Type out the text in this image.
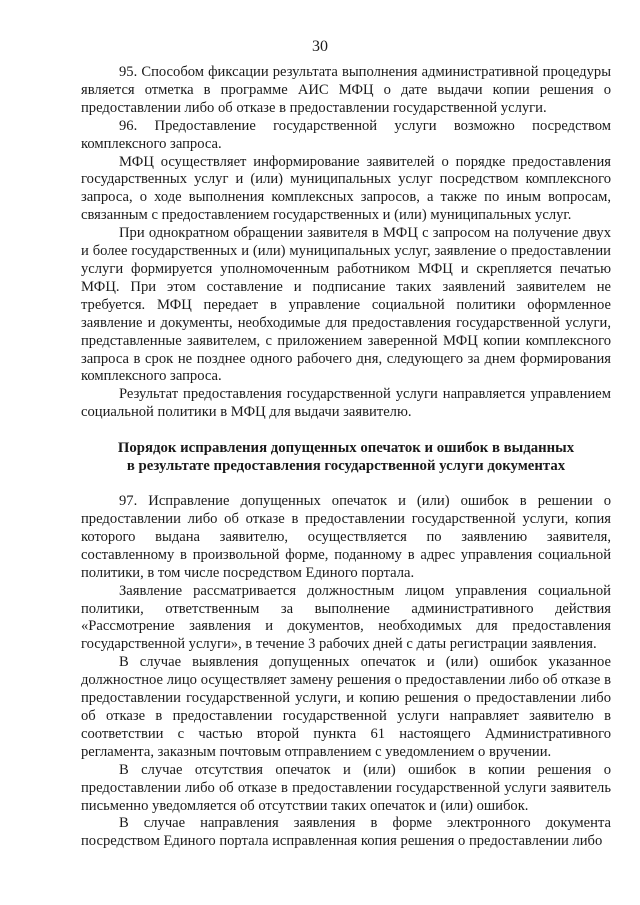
30

95. Способом фиксации результата выполнения административной процедуры является отметка в программе АИС МФЦ о дате выдачи копии решения о предоставлении либо об отказе в предоставлении государственной услуги.

96. Предоставление государственной услуги возможно посредством комплексного запроса.

МФЦ осуществляет информирование заявителей о порядке предоставления государственных услуг и (или) муниципальных услуг посредством комплексного запроса, о ходе выполнения комплексных запросов, а также по иным вопросам, связанным с предоставлением государственных и (или) муниципальных услуг.

При однократном обращении заявителя в МФЦ с запросом на получение двух и более государственных и (или) муниципальных услуг, заявление о предоставлении услуги формируется уполномоченным работником МФЦ и скрепляется печатью МФЦ. При этом составление и подписание таких заявлений заявителем не требуется. МФЦ передает в управление социальной политики оформленное заявление и документы, необходимые для предоставления государственной услуги, представленные заявителем, с приложением заверенной МФЦ копии комплексного запроса в срок не позднее одного рабочего дня, следующего за днем формирования комплексного запроса.

Результат предоставления государственной услуги направляется управлением социальной политики в МФЦ для выдачи заявителю.

Порядок исправления допущенных опечаток и ошибок в выданных
в результате предоставления государственной услуги документах

97. Исправление допущенных опечаток и (или) ошибок в решении о предоставлении либо об отказе в предоставлении государственной услуги, копия которого выдана заявителю, осуществляется по заявлению заявителя, составленному в произвольной форме, поданному в адрес управления социальной политики, в том числе посредством Единого портала.

Заявление рассматривается должностным лицом управления социальной политики, ответственным за выполнение административного действия «Рассмотрение заявления и документов, необходимых для предоставления государственной услуги», в течение 3 рабочих дней с даты регистрации заявления.

В случае выявления допущенных опечаток и (или) ошибок указанное должностное лицо осуществляет замену решения о предоставлении либо об отказе в предоставлении государственной услуги, и копию решения о предоставлении либо об отказе в предоставлении государственной услуги направляет заявителю в соответствии с частью второй пункта 61 настоящего Административного регламента, заказным почтовым отправлением с уведомлением о вручении.

В случае отсутствия опечаток и (или) ошибок в копии решения о предоставлении либо об отказе в предоставлении государственной услуги заявитель письменно уведомляется об отсутствии таких опечаток и (или) ошибок.

В случае направления заявления в форме электронного документа посредством Единого портала исправленная копия решения о предоставлении либо
